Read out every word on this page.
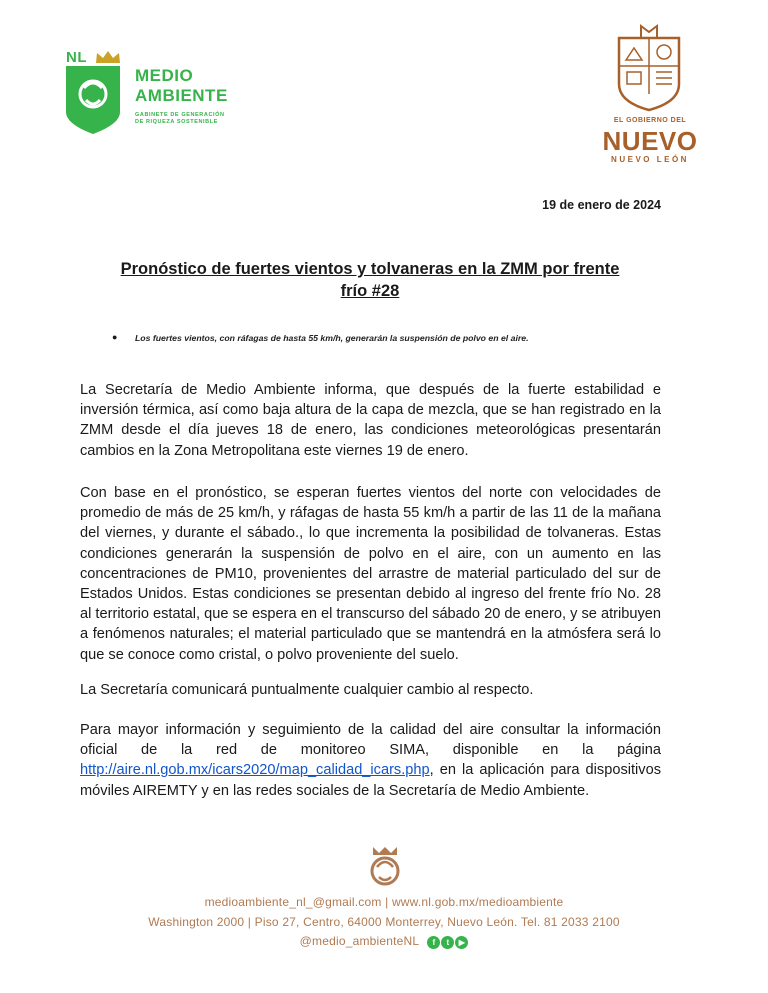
NL
MEDIO
AMBIENTE
GABINETE DE GENERACIÓN
DE RIQUEZA SOSTENIBLE	EL GOBIERNO DEL
NUEVO
NUEVO LEÓN
19 de enero de 2024
Pronóstico de fuertes vientos y tolvaneras en la ZMM por frente frío #28
● Los fuertes vientos, con ráfagas de hasta 55 km/h, generarán la suspensión de polvo en el aire.
La Secretaría de Medio Ambiente informa, que después de la fuerte estabilidad e inversión térmica, así como baja altura de la capa de mezcla, que se han registrado en la ZMM desde el día jueves 18 de enero, las condiciones meteorológicas presentarán cambios en la Zona Metropolitana este viernes 19 de enero.
Con base en el pronóstico, se esperan fuertes vientos del norte con velocidades de promedio de más de 25 km/h, y ráfagas de hasta 55 km/h a partir de las 11 de la mañana del viernes, y durante el sábado., lo que incrementa la posibilidad de tolvaneras. Estas condiciones generarán la suspensión de polvo en el aire, con un aumento en las concentraciones de PM10, provenientes del arrastre de material particulado del sur de Estados Unidos. Estas condiciones se presentan debido al ingreso del frente frío No. 28 al territorio estatal, que se espera en el transcurso del sábado 20 de enero, y se atribuyen a fenómenos naturales; el material particulado que se mantendrá en la atmósfera será lo que se conoce como cristal, o polvo proveniente del suelo.
La Secretaría comunicará puntualmente cualquier cambio al respecto.
Para mayor información y seguimiento de la calidad del aire consultar la información oficial de la red de monitoreo SIMA, disponible en la página http://aire.nl.gob.mx/icars2020/map_calidad_icars.php, en la aplicación para dispositivos móviles AIREMTY y en las redes sociales de la Secretaría de Medio Ambiente.
medioambiente_nl_@gmail.com | www.nl.gob.mx/medioambiente
Washington 2000 | Piso 27, Centro, 64000 Monterrey, Nuevo León. Tel. 81 2033 2100
@medio_ambienteNL f t ▶
